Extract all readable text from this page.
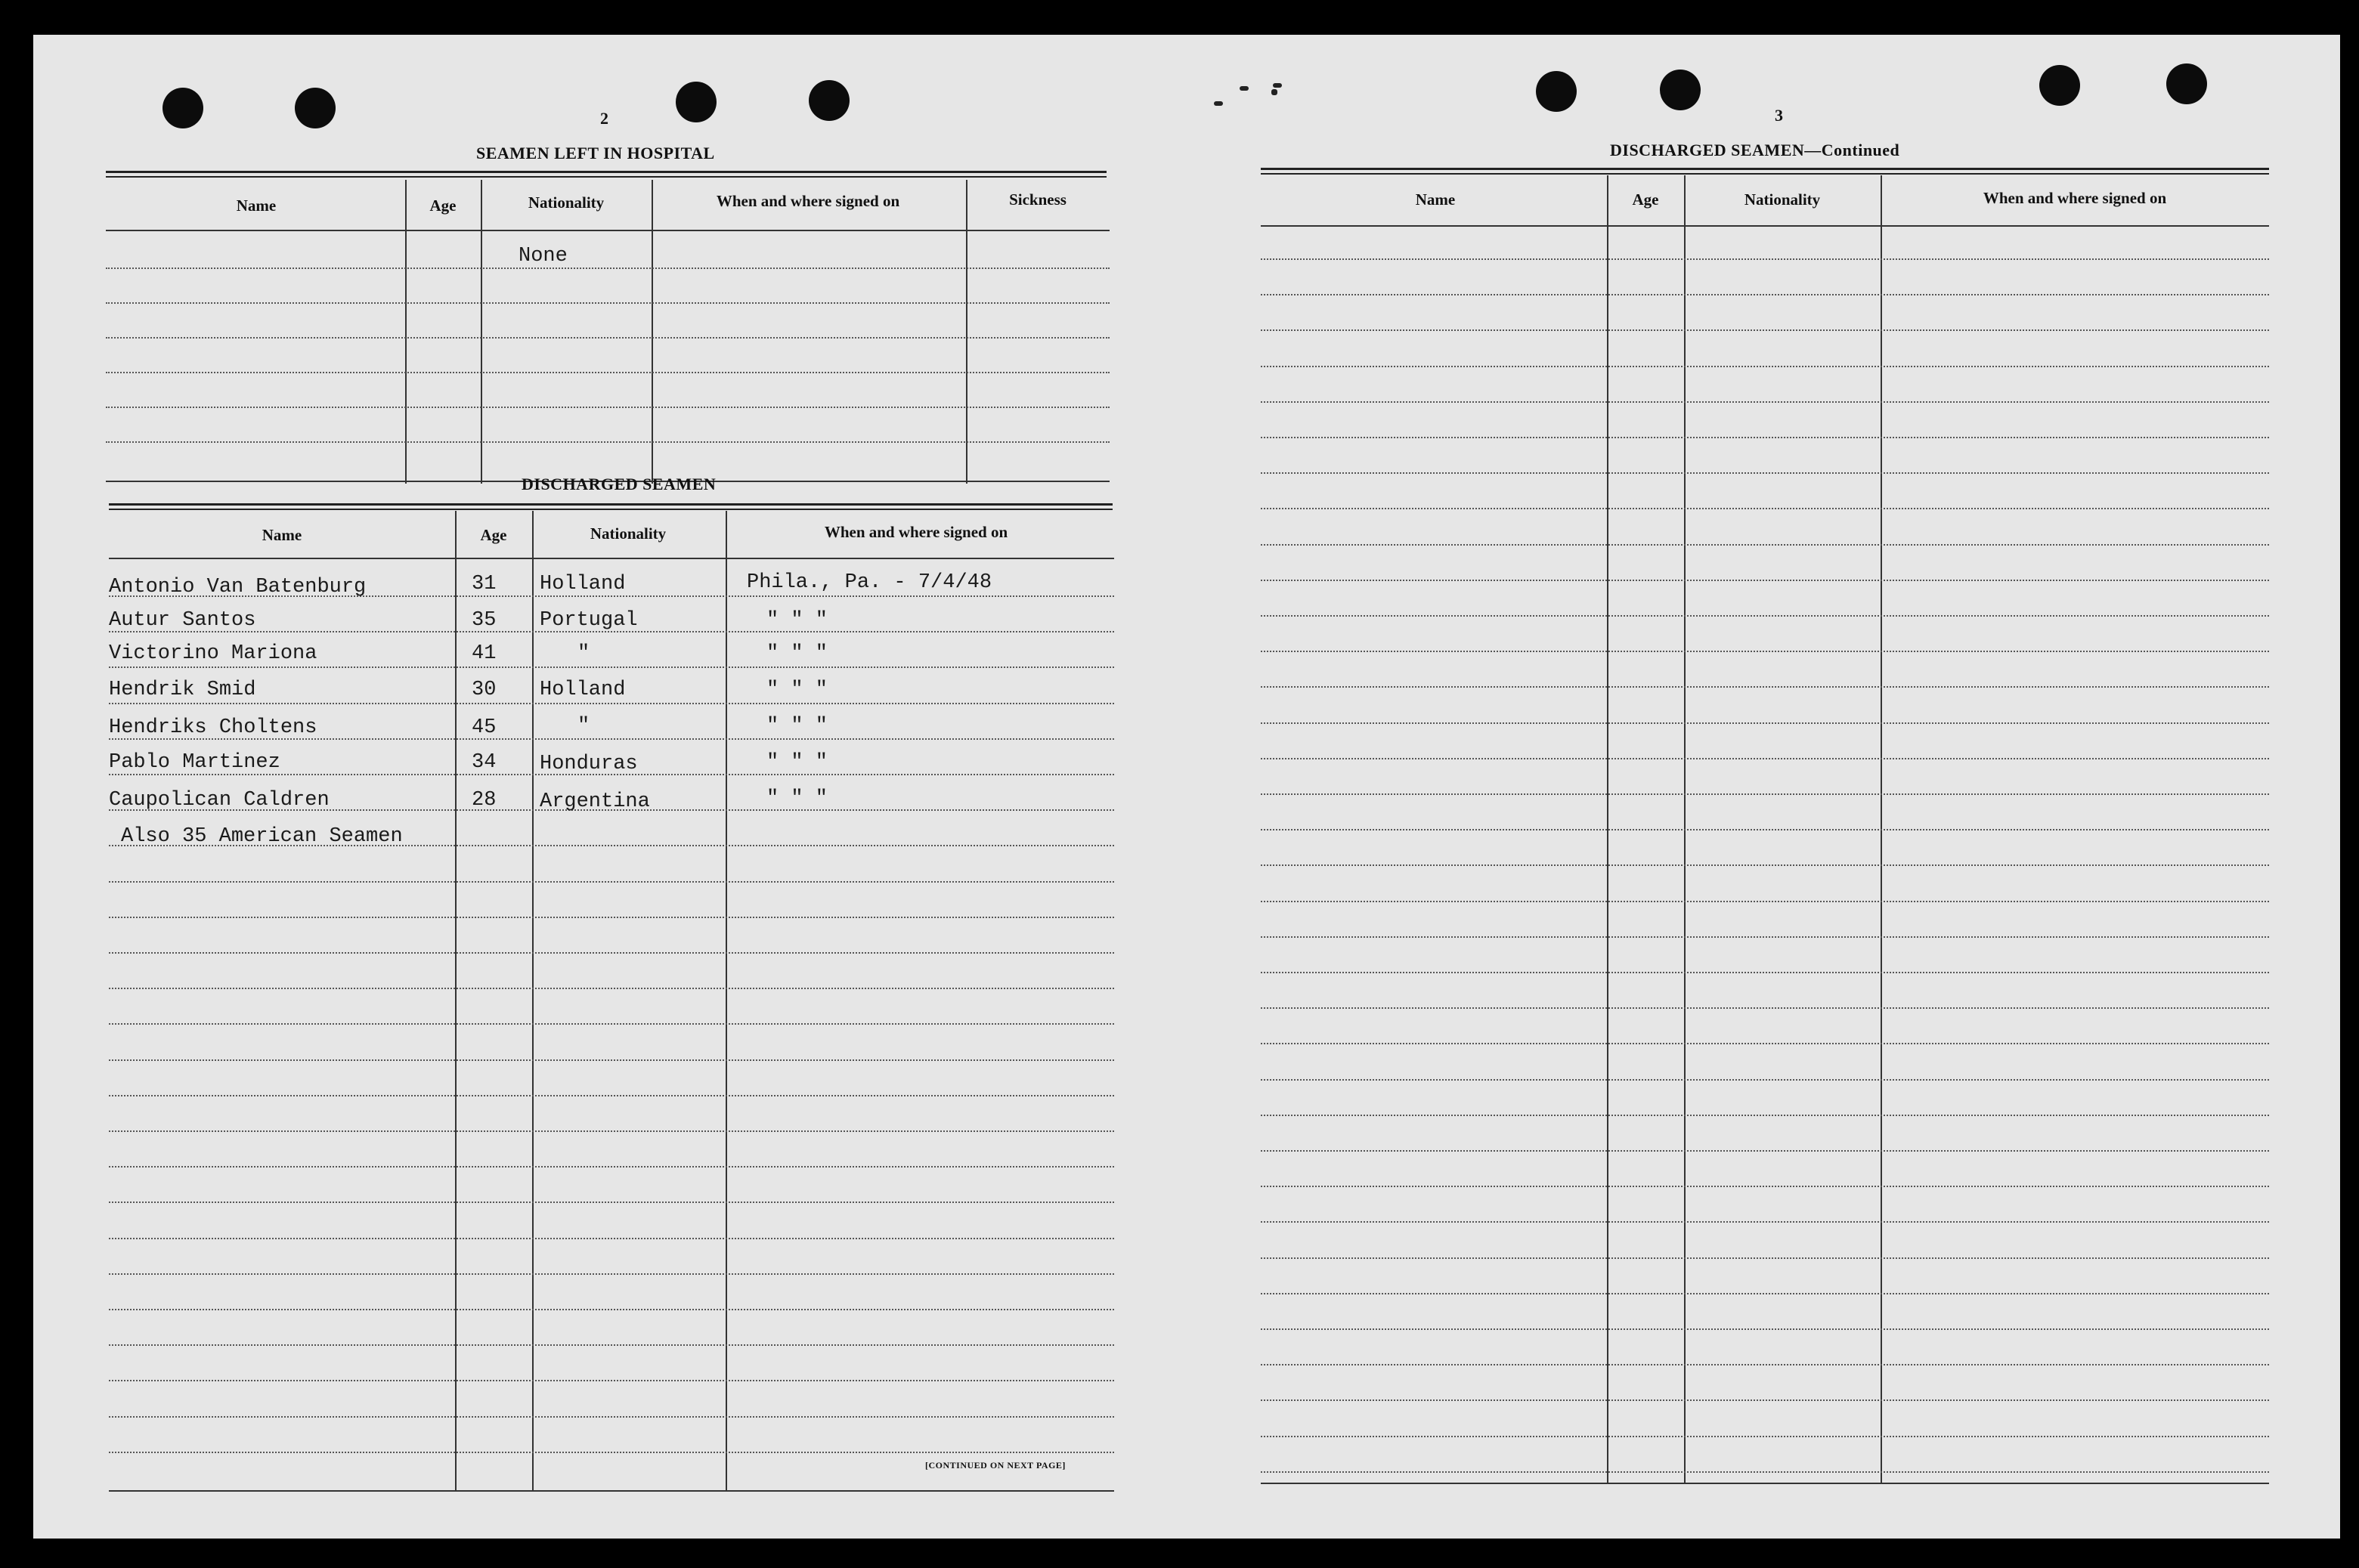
2
SEAMEN LEFT IN HOSPITAL
Name	Age	Nationality	When and where signed on	Sickness
None
DISCHARGED SEAMEN
Name	Age	Nationality	When and where signed on
Antonio Van Batenburg	31 Holland	Phila., Pa. - 7/4/48
Autur Santos	35 Portugal	" " "
Victorino Mariona	41	"	" " "
Hendrik Smid	30 Holland	" " "
Hendriks Choltens	45	"	" " "
Pablo Martinez	34 Honduras	" " "
Caupolican Caldren	28 Argentina	" " "
Also 35 American Seamen
[CONTINUED ON NEXT PAGE]
3
DISCHARGED SEAMEN—Continued
Name	Age	Nationality	When and where signed on
